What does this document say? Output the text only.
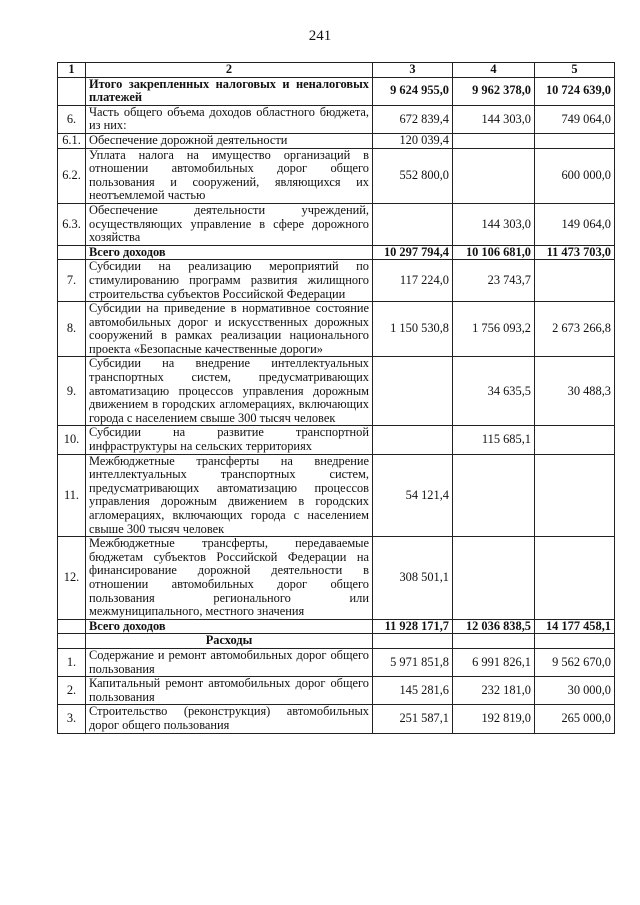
241
1	2	3	4	5
	Итого закрепленных налоговых и неналоговых платежей	9 624 955,0	9 962 378,0	10 724 639,0
6.	Часть общего объема доходов областного бюджета, из них:	672 839,4	144 303,0	749 064,0
6.1.	Обеспечение дорожной деятельности	120 039,4		
6.2.	Уплата налога на имущество организаций в отношении автомобильных дорог общего пользования и сооружений, являющихся их неотъемлемой частью	552 800,0		600 000,0
6.3.	Обеспечение деятельности учреждений, осуществляющих управление в сфере дорожного хозяйства		144 303,0	149 064,0
	Всего доходов	10 297 794,4	10 106 681,0	11 473 703,0
7.	Субсидии на реализацию мероприятий по стимулированию программ развития жилищного строительства субъектов Российской Федерации	117 224,0	23 743,7	
8.	Субсидии на приведение в нормативное состояние автомобильных дорог и искусственных дорожных сооружений в рамках реализации национального проекта «Безопасные качественные дороги»	1 150 530,8	1 756 093,2	2 673 266,8
9.	Субсидии на внедрение интеллектуальных транспортных систем, предусматривающих автоматизацию процессов управления дорожным движением в городских агломерациях, включающих города с населением свыше 300 тысяч человек		34 635,5	30 488,3
10.	Субсидии на развитие транспортной инфраструктуры на сельских территориях		115 685,1	
11.	Межбюджетные трансферты на внедрение интеллектуальных транспортных систем, предусматривающих автоматизацию процессов управления дорожным движением в городских агломерациях, включающих города с населением свыше 300 тысяч человек	54 121,4		
12.	Межбюджетные трансферты, передаваемые бюджетам субъектов Российской Федерации на финансирование дорожной деятельности в отношении автомобильных дорог общего пользования регионального или межмуниципального, местного значения	308 501,1		
	Всего доходов	11 928 171,7	12 036 838,5	14 177 458,1
	Расходы			
1.	Содержание и ремонт автомобильных дорог общего пользования	5 971 851,8	6 991 826,1	9 562 670,0
2.	Капитальный ремонт автомобильных дорог общего пользования	145 281,6	232 181,0	30 000,0
3.	Строительство (реконструкция) автомобильных дорог общего пользования	251 587,1	192 819,0	265 000,0
